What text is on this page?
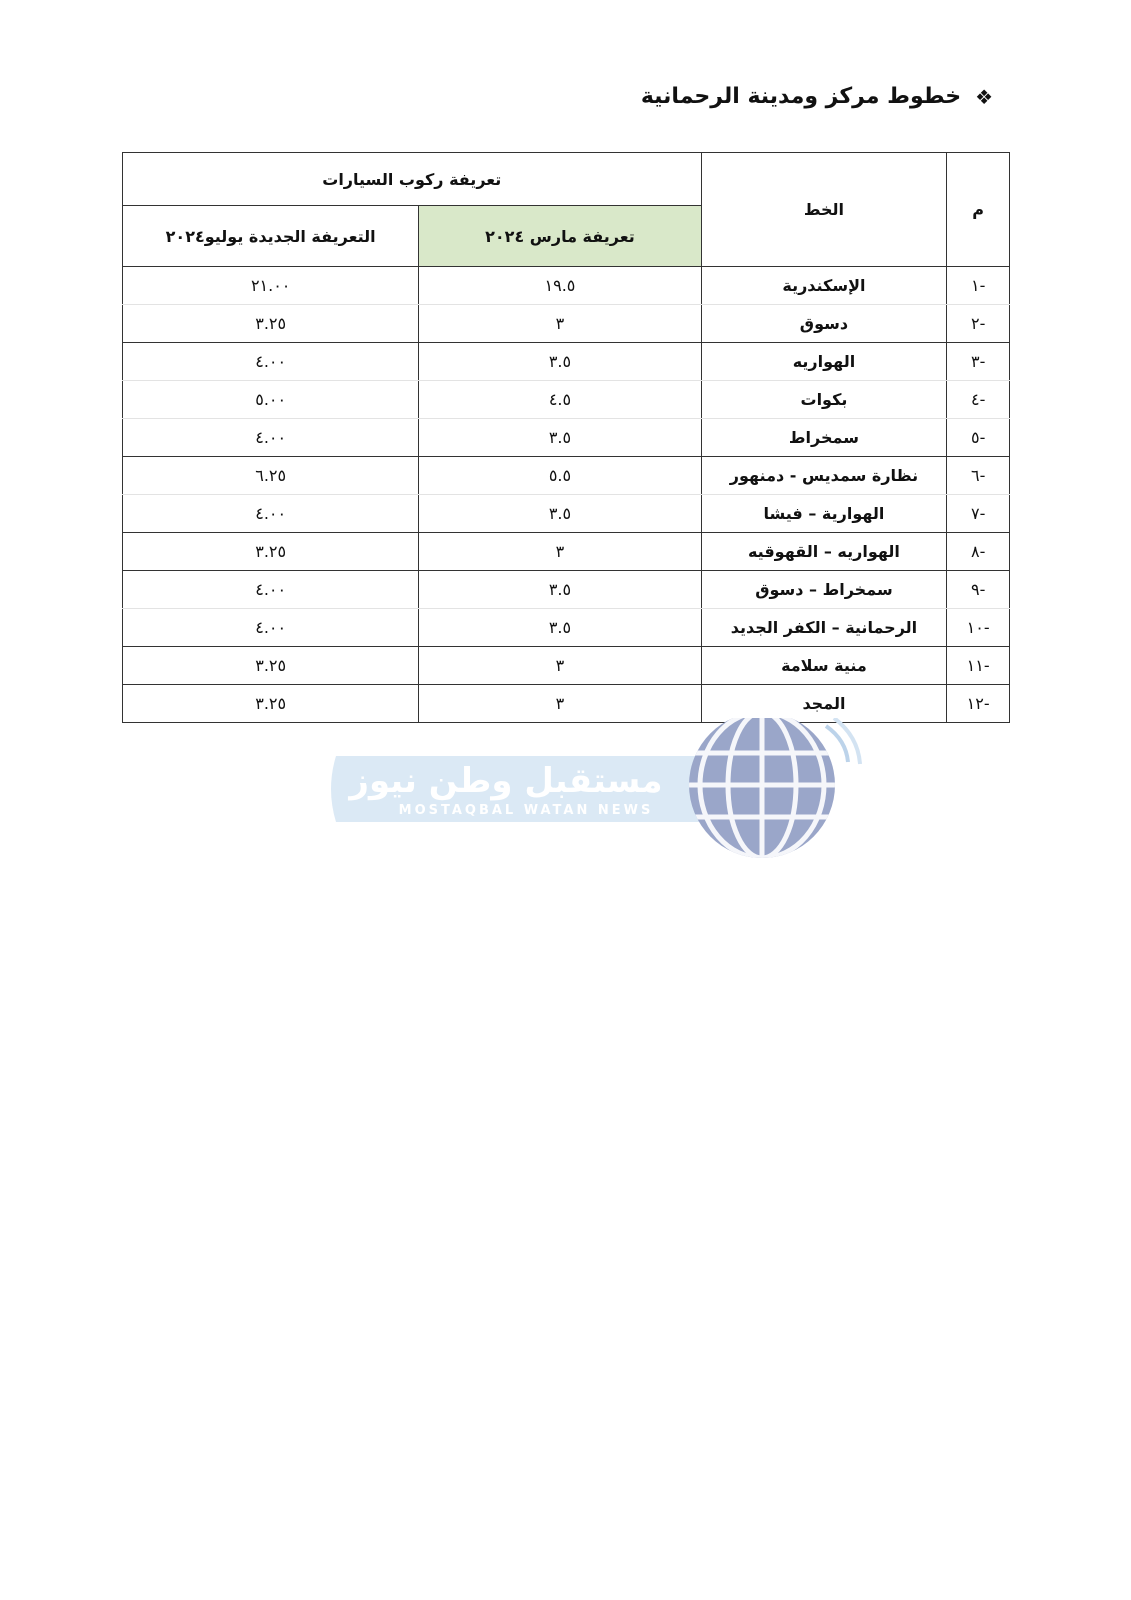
❖
خطوط مركز ومدينة الرحمانية
م	الخط	تعريفة ركوب السيارات	
		تعريفة مارس ٢٠٢٤	التعريفة الجديدة يوليو٢٠٢٤
-١	الإسكندرية	١٩.٥	٢١.٠٠
-٢	دسوق	٣	٣.٢٥
-٣	الهواريه	٣.٥	٤.٠٠
-٤	بكوات	٤.٥	٥.٠٠
-٥	سمخراط	٣.٥	٤.٠٠
-٦	نظارة سمديس - دمنهور	٥.٥	٦.٢٥
-٧	الهوارية – فيشا	٣.٥	٤.٠٠
-٨	الهواريه – القهوقيه	٣	٣.٢٥
-٩	سمخراط – دسوق	٣.٥	٤.٠٠
-١٠	الرحمانية – الكفر الجديد	٣.٥	٤.٠٠
-١١	منية سلامة	٣	٣.٢٥
-١٢	المجد	٣	٣.٢٥
مستقبل وطن نيوز
MOSTAQBAL WATAN NEWS
